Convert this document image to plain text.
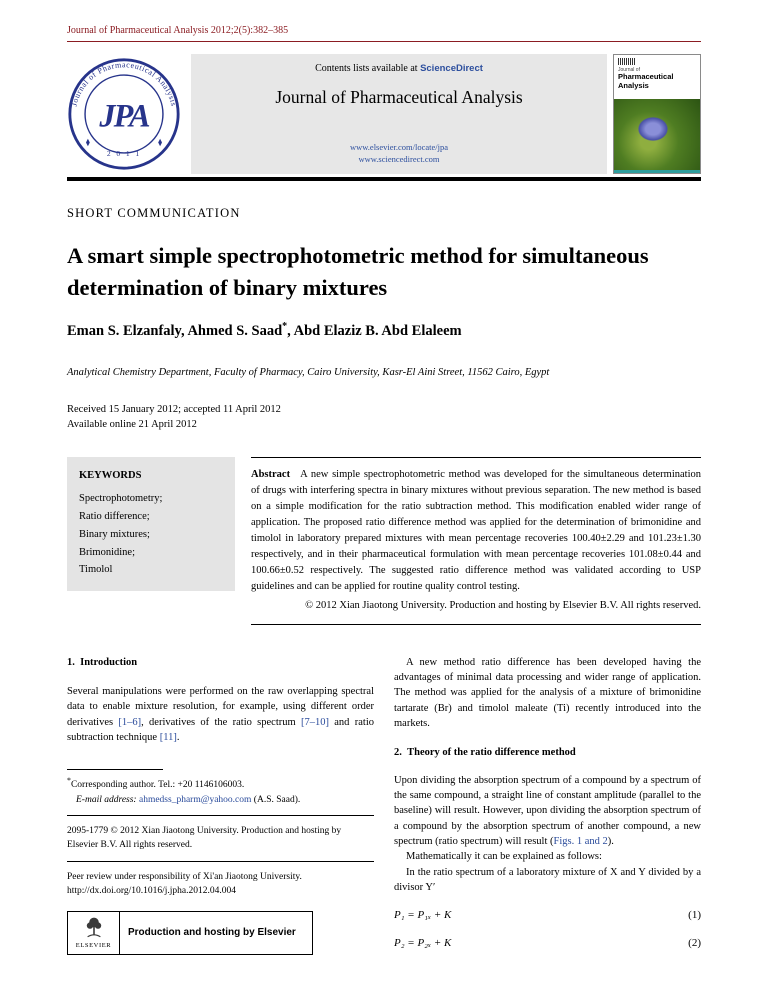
Journal of Pharmaceutical Analysis 2012;2(5):382–385
Journal of Pharmaceutical Analysis
JPA
2 0 1 1
Contents lists available at ScienceDirect
Journal of Pharmaceutical Analysis
www.elsevier.com/locate/jpa
www.sciencedirect.com
Journal of
Pharmaceutical
Analysis
SHORT COMMUNICATION
A smart simple spectrophotometric method for simultaneous determination of binary mixtures
Eman S. Elzanfaly, Ahmed S. Saad*, Abd Elaziz B. Abd Elaleem
Analytical Chemistry Department, Faculty of Pharmacy, Cairo University, Kasr-El Aini Street, 11562 Cairo, Egypt
Received 15 January 2012; accepted 11 April 2012
Available online 21 April 2012
KEYWORDS
Spectrophotometry;
Ratio difference;
Binary mixtures;
Brimonidine;
Timolol
Abstract A new simple spectrophotometric method was developed for the simultaneous determination of drugs with interfering spectra in binary mixtures without previous separation. The new method is based on a simple modification for the ratio subtraction method. This modification enabled wider range of application. The proposed ratio difference method was applied for the determination of brimonidine and timolol in laboratory prepared mixtures with mean percentage recoveries 100.40±2.29 and 101.23±1.30 respectively, and in their pharmaceutical formulation with mean percentage recoveries 101.08±0.44 and 100.66±0.52 respectively. The suggested ratio difference method was validated according to USP guidelines and can be applied for routine quality control testing.
© 2012 Xian Jiaotong University. Production and hosting by Elsevier B.V. All rights reserved.
1.  Introduction

Several manipulations were performed on the raw overlapping spectral data to enable mixture resolution, for example, using different order derivatives [1–6], derivatives of the ratio spectrum [7–10] and ratio subtraction technique [11].

*Corresponding author. Tel.: +20 1146106003.
E-mail address: ahmedss_pharm@yahoo.com (A.S. Saad).
2095-1779 © 2012 Xian Jiaotong University. Production and hosting by Elsevier B.V. All rights reserved.
Peer review under responsibility of Xi'an Jiaotong University.
http://dx.doi.org/10.1016/j.jpha.2012.04.004
ELSEVIER
Production and hosting by Elsevier

A new method ratio difference has been developed having the advantages of minimal data processing and wider range of application. The method was applied for the analysis of a mixture of brimonidine tartarate (Br) and timolol maleate (Ti) recently introduced into the markets.

2.  Theory of the ratio difference method

Upon dividing the absorption spectrum of a compound by a spectrum of the same compound, a straight line of constant amplitude (parallel to the baseline) will result. However, upon dividing the absorption spectrum of a compound by the absorption spectrum of another compound, a new spectrum (ratio spectrum) will result (Figs. 1 and 2).

Mathematically it can be explained as follows:

In the ratio spectrum of a laboratory mixture of X and Y divided by a divisor Y′

P₁ = P₁ₓ + K	(1)
P₂ = P₂ₓ + K	(2)
